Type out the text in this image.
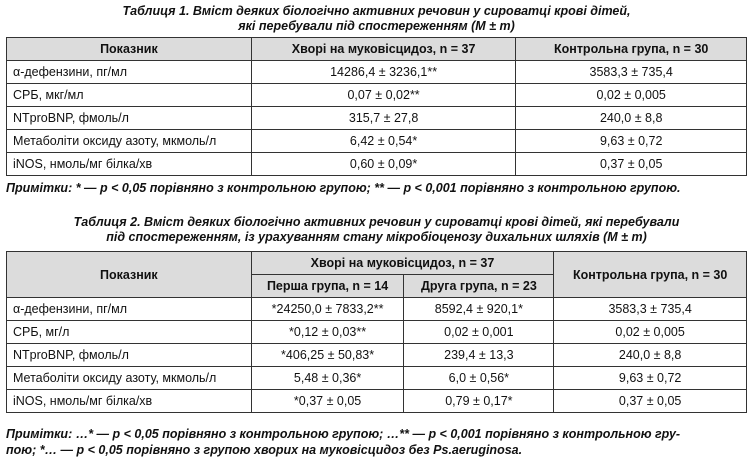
Таблиця 1. Вміст деяких біологічно активних речовин у сироватці крові дітей,
які перебували під спостереженням (M ± m)
Показник	Хворі на муковісцидоз, n = 37	Контрольна група, n = 30
α-дефензини, пг/мл	14286,4 ± 3236,1**	3583,3 ± 735,4
СРБ, мкг/мл	0,07 ± 0,02**	0,02 ± 0,005
NTproBNP, фмоль/л	315,7 ± 27,8	240,0 ± 8,8
Метаболіти оксиду азоту, мкмоль/л	6,42 ± 0,54*	9,63 ± 0,72
iNOS, нмоль/мг білка/хв	0,60 ± 0,09*	0,37 ± 0,05
Примітки: * — p < 0,05 порівняно з контрольною групою; ** — p < 0,001 порівняно з контрольною групою.
Таблиця 2. Вміст деяких біологічно активних речовин у сироватці крові дітей, які перебували
під спостереженням, із урахуванням стану мікробіоценозу дихальних шляхів (M ± m)
Показник	Хворі на муковісцидоз, n = 37		Контрольна група, n = 30
	Перша група, n = 14	Друга група, n = 23	
α-дефензини, пг/мл	*24250,0 ± 7833,2**	8592,4 ± 920,1*	3583,3 ± 735,4
СРБ, мг/л	*0,12 ± 0,03**	0,02 ± 0,001	0,02 ± 0,005
NTproBNP, фмоль/л	*406,25 ± 50,83*	239,4 ± 13,3	240,0 ± 8,8
Метаболіти оксиду азоту, мкмоль/л	5,48 ± 0,36*	6,0 ± 0,56*	9,63 ± 0,72
iNOS, нмоль/мг білка/хв	*0,37 ± 0,05	0,79 ± 0,17*	0,37 ± 0,05
Примітки: …* — p < 0,05 порівняно з контрольною групою; …** — p < 0,001 порівняно з контрольною гру-
пою; *… — p < 0,05 порівняно з групою хворих на муковісцидоз без Ps.aeruginosa.
